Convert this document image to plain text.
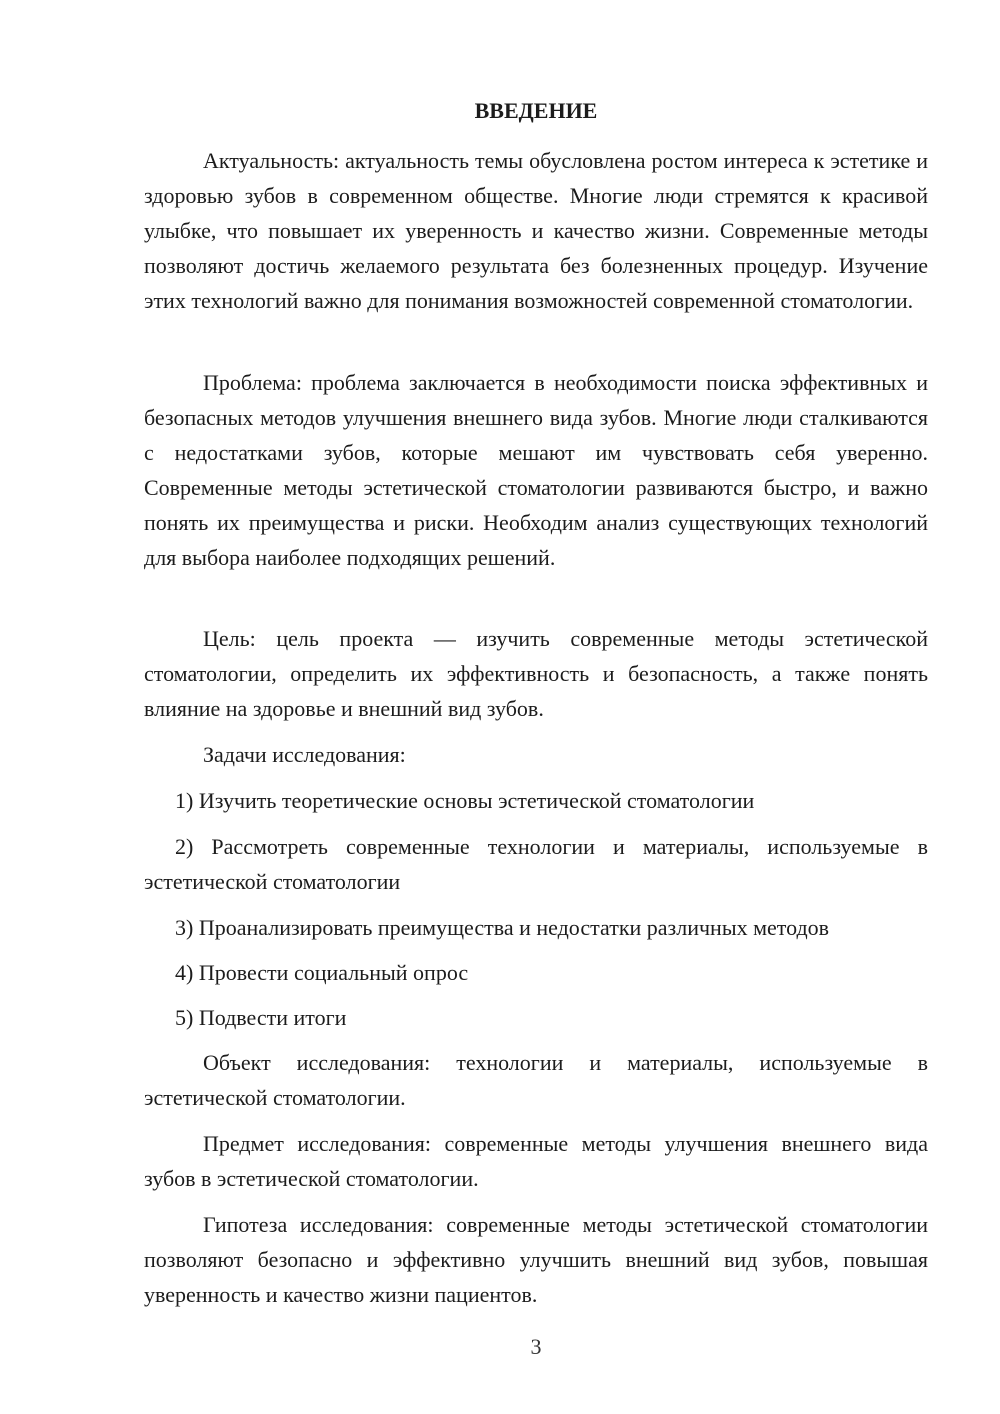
ВВЕДЕНИЕ

Актуальность: актуальность темы обусловлена ростом интереса к эстетике и здоровью зубов в современном обществе. Многие люди стремятся к красивой улыбке, что повышает их уверенность и качество жизни. Современные методы позволяют достичь желаемого результата без болезненных процедур. Изучение этих технологий важно для понимания возможностей современной стоматологии.

Проблема: проблема заключается в необходимости поиска эффективных и безопасных методов улучшения внешнего вида зубов. Многие люди сталкиваются с недостатками зубов, которые мешают им чувствовать себя уверенно. Современные методы эстетической стоматологии развиваются быстро, и важно понять их преимущества и риски. Необходим анализ существующих технологий для выбора наиболее подходящих решений.

Цель: цель проекта — изучить современные методы эстетической стоматологии, определить их эффективность и безопасность, а также понять влияние на здоровье и внешний вид зубов.

Задачи исследования:

1) Изучить теоретические основы эстетической стоматологии

2) Рассмотреть современные технологии и материалы, используемые в эстетической стоматологии

3) Проанализировать преимущества и недостатки различных методов

4) Провести социальный опрос

5) Подвести итоги

Объект исследования: технологии и материалы, используемые в эстетической стоматологии.

Предмет исследования: современные методы улучшения внешнего вида зубов в эстетической стоматологии.

Гипотеза исследования: современные методы эстетической стоматологии позволяют безопасно и эффективно улучшить внешний вид зубов, повышая уверенность и качество жизни пациентов.

3
